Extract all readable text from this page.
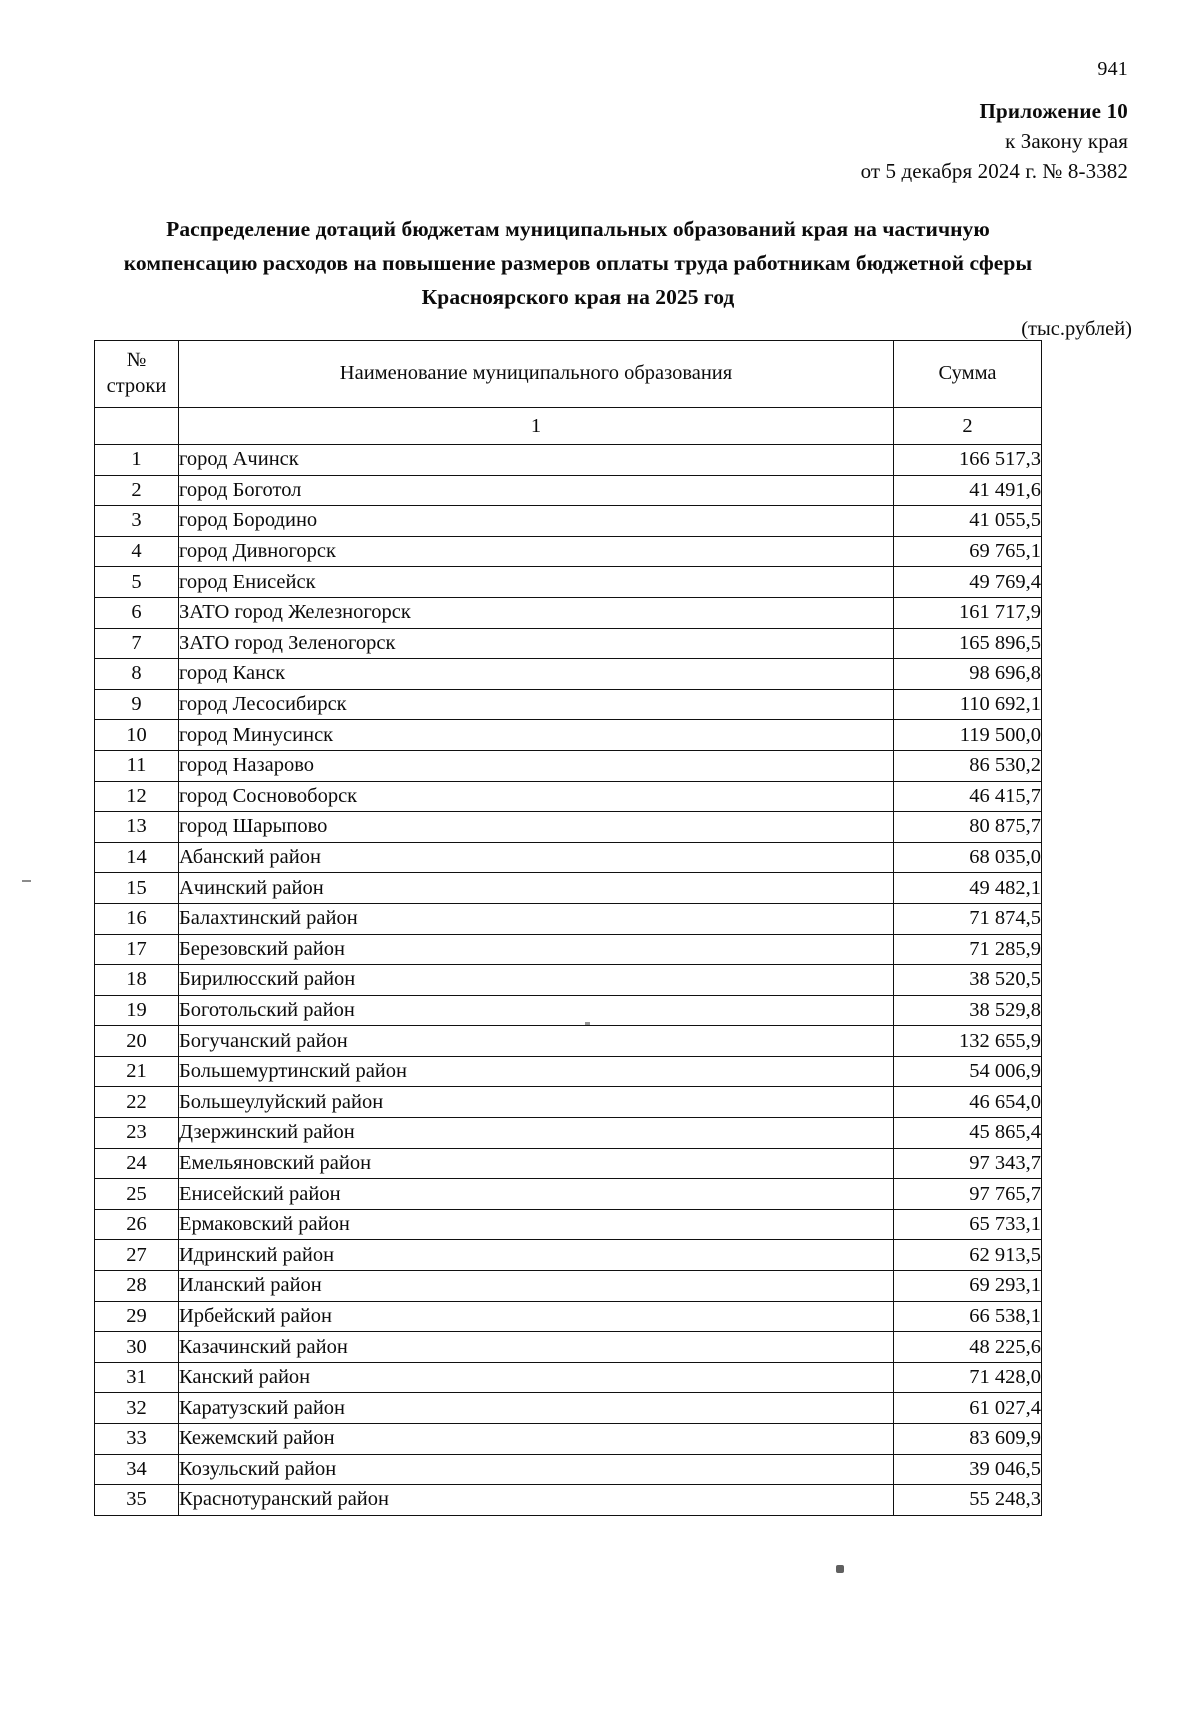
941
Приложение 10
к Закону края
от 5 декабря 2024 г. № 8-3382
Распределение дотаций бюджетам муниципальных образований края на частичную компенсацию расходов на повышение размеров оплаты труда работникам бюджетной сферы Красноярского края на 2025 год
(тыс.рублей)
№
строки	Наименование муниципального образования	Сумма
	1	2
1	город Ачинск	166 517,3
2	город Боготол	41 491,6
3	город Бородино	41 055,5
4	город Дивногорск	69 765,1
5	город Енисейск	49 769,4
6	ЗАТО город Железногорск	161 717,9
7	ЗАТО город Зеленогорск	165 896,5
8	город Канск	98 696,8
9	город Лесосибирск	110 692,1
10	город Минусинск	119 500,0
11	город Назарово	86 530,2
12	город Сосновоборск	46 415,7
13	город Шарыпово	80 875,7
14	Абанский район	68 035,0
15	Ачинский район	49 482,1
16	Балахтинский район	71 874,5
17	Березовский район	71 285,9
18	Бирилюсский район	38 520,5
19	Боготольский район	38 529,8
20	Богучанский район	132 655,9
21	Большемуртинский район	54 006,9
22	Большеулуйский район	46 654,0
23	Дзержинский район	45 865,4
24	Емельяновский район	97 343,7
25	Енисейский район	97 765,7
26	Ермаковский район	65 733,1
27	Идринский район	62 913,5
28	Иланский район	69 293,1
29	Ирбейский район	66 538,1
30	Казачинский район	48 225,6
31	Канский район	71 428,0
32	Каратузский район	61 027,4
33	Кежемский район	83 609,9
34	Козульский район	39 046,5
35	Краснотуранский район	55 248,3
